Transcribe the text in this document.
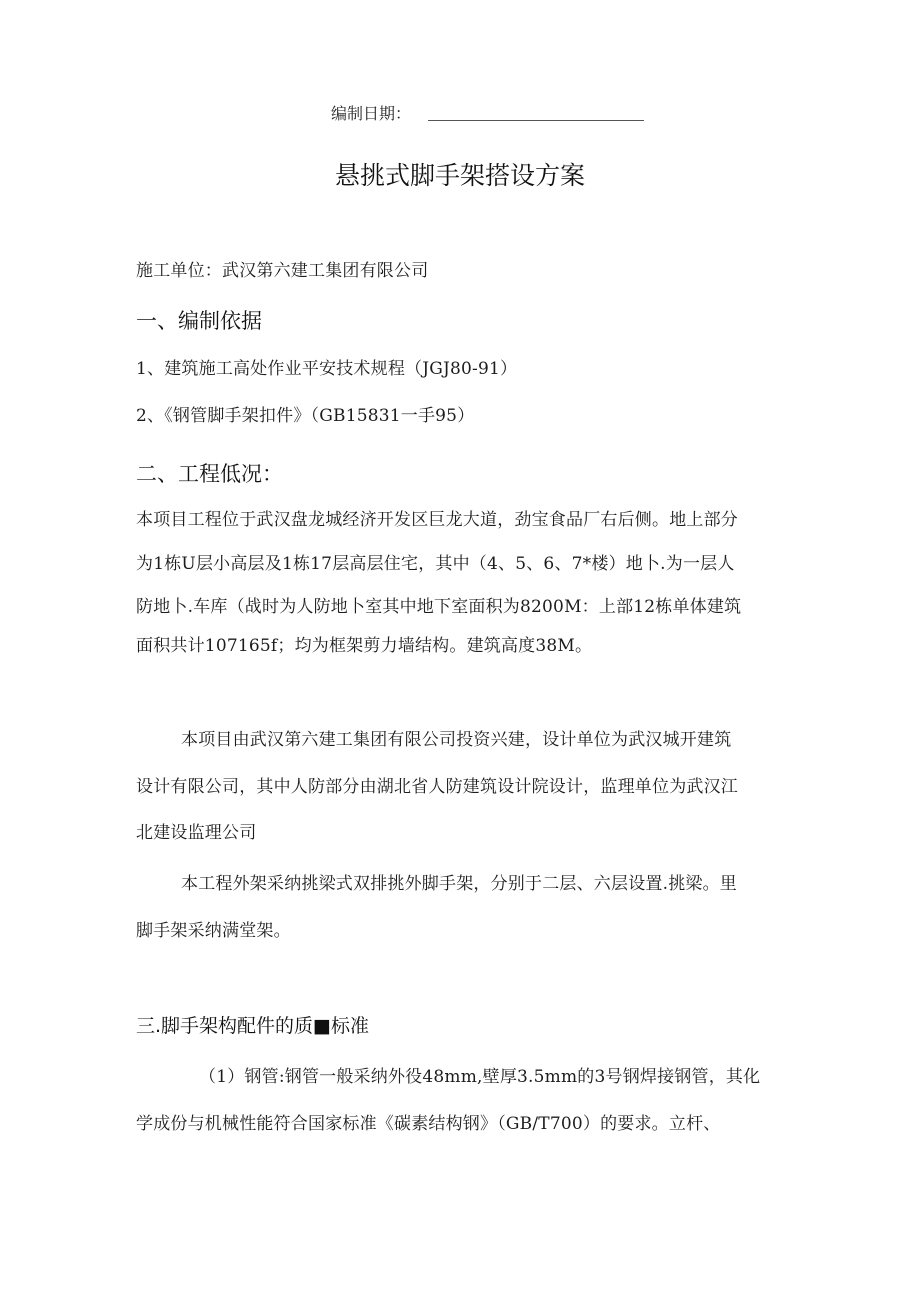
编制日期：
悬挑式脚手架搭设方案
施工单位：武汉第六建工集团有限公司
一、编制依据
1、建筑施工高处作业平安技术规程（JGJ80-91）
2、《钢管脚手架扣件》（GB15831一手95）
二、工程低况：
本项目工程位于武汉盘龙城经济开发区巨龙大道，劲宝食品厂右后侧。地上部分
为1栋U层小高层及1栋17层高层住宅，其中（4、5、6、7*楼）地卜.为一层人
防地卜.车库（战时为人防地卜室其中地下室面积为8200M：上部12栋单体建筑
面积共计107165f；均为框架剪力墙结构。建筑高度38M。
本项目由武汉第六建工集团有限公司投资兴建，设计单位为武汉城开建筑
设计有限公司，其中人防部分由湖北省人防建筑设计院设计，监理单位为武汉江
北建设监理公司
本工程外架采纳挑梁式双排挑外脚手架，分别于二层、六层设置.挑梁。里
脚手架采纳满堂架。
三.脚手架构配件的质■标准
（1）钢管:钢管一般采纳外役48mm,壁厚3.5mm的3号钢焊接钢管，其化
学成份与机械性能符合国家标准《碳素结构钢》（GB/T700）的要求。立杆、
